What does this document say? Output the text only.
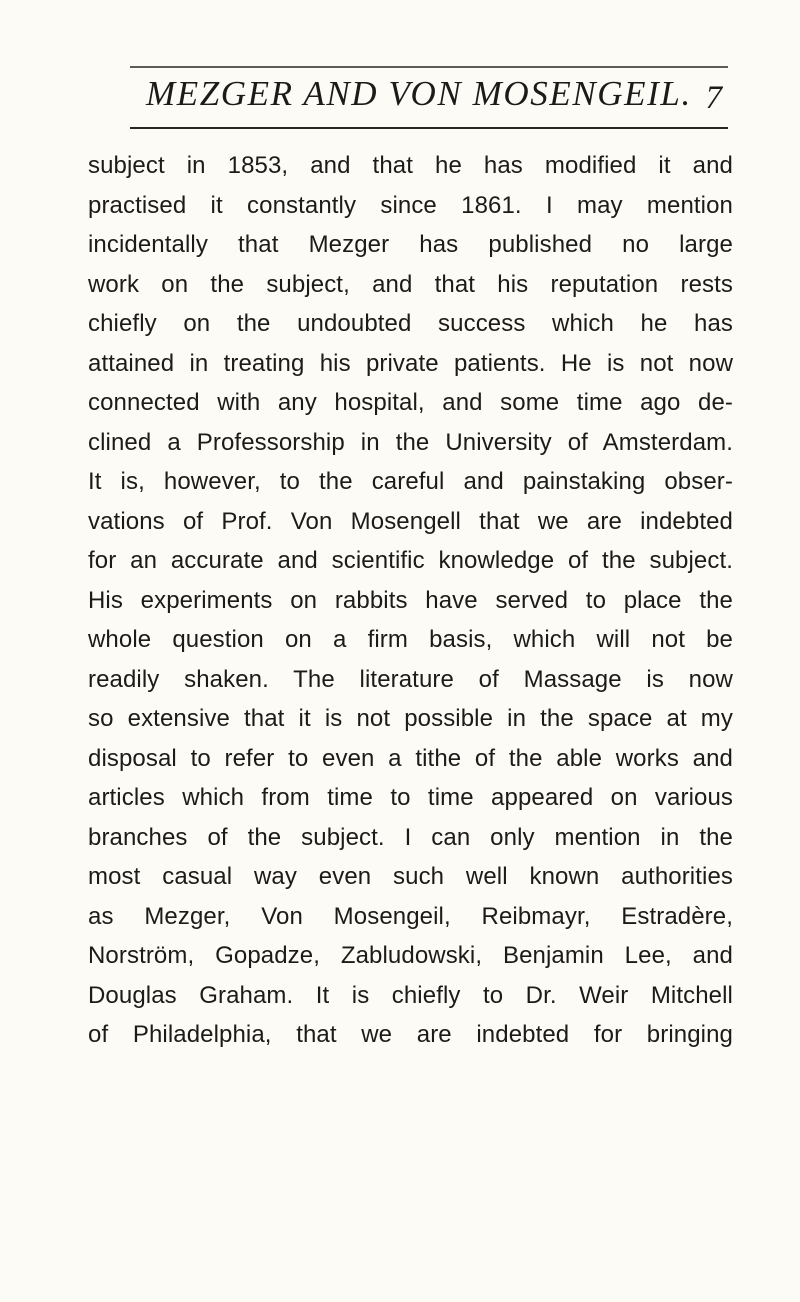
MEZGER AND VON MOSENGEIL. 7
subject in 1853, and that he has modified it and
practised it constantly since 1861. I may mention
incidentally that Mezger has published no large
work on the subject, and that his reputation rests
chiefly on the undoubted success which he has
attained in treating his private patients. He is not now
connected with any hospital, and some time ago de-
clined a Professorship in the University of Amsterdam.
It is, however, to the careful and painstaking obser-
vations of Prof. Von Mosengell that we are indebted
for an accurate and scientific knowledge of the subject.
His experiments on rabbits have served to place the
whole question on a firm basis, which will not be
readily shaken. The literature of Massage is now
so extensive that it is not possible in the space at my
disposal to refer to even a tithe of the able works and
articles which from time to time appeared on various
branches of the subject. I can only mention in the
most casual way even such well known authorities
as Mezger, Von Mosengeil, Reibmayr, Estradère,
Norström, Gopadze, Zabludowski, Benjamin Lee, and
Douglas Graham. It is chiefly to Dr. Weir Mitchell
of Philadelphia, that we are indebted for bringing
